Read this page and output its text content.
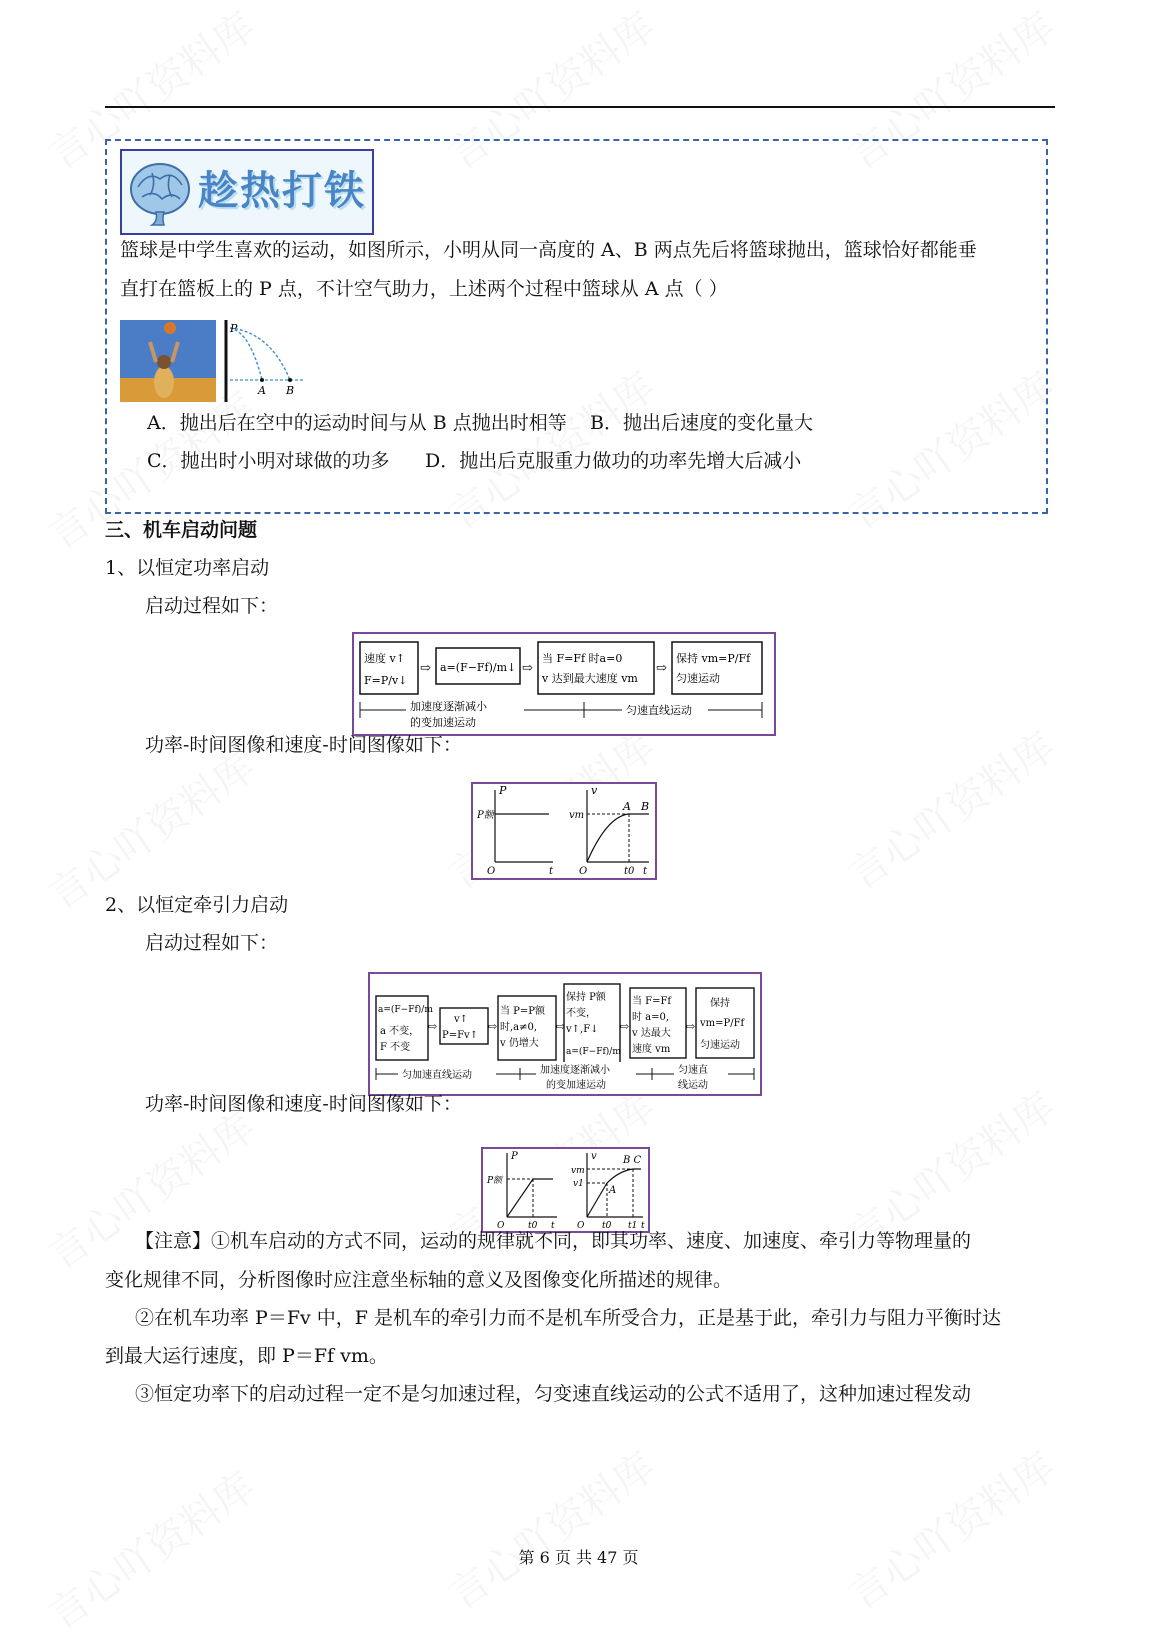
趁热打铁
篮球是中学生喜欢的运动，如图所示，小明从同一高度的 A、B 两点先后将篮球抛出，篮球恰好都能垂
直打在篮板上的 P 点，不计空气助力，上述两个过程中篮球从 A 点（ ）
P
A B
A．抛出后在空中的运动时间与从 B 点抛出时相等 B．抛出后速度的变化量大
C．抛出时小明对球做的功多 D．抛出后克服重力做功的功率先增大后减小
三、机车启动问题
1、以恒定功率启动
启动过程如下：
速度 v↑
F=P/v↓
⇨ a=(F−Ff)/m↓ ⇨
当 F=Ff 时a=0
v 达到最大速度 vm
⇨
保持 vm=P/Ff
匀速运动
加速度逐渐减小
的变加速运动
匀速直线运动
功率-时间图像和速度-时间图像如下：
P
P额
O	t
v
vm
A B
O	t0 t
2、以恒定牵引力启动
启动过程如下：
a=(F−Ff)/m
a 不变，
F 不变
⇨
v↑
P=Fv↑
⇨
当 P=P额
时,a≠0,
v 仍增大
⇨
保持 P额
不变，
v↑,F↓
a=(F−Ff)/m
⇨
当 F=Ff
时 a=0,
v 达最大
速度 vm
⇨
保持
vm=P/Ff
匀速运动
匀加速直线运动	加速度逐渐减小
的变加速运动
匀速直
线运动
功率-时间图像和速度-时间图像如下：
P
P额
O	t0 t
v
vm
v1
A
B C
O t0 t1 t
【注意】①机车启动的方式不同，运动的规律就不同，即其功率、速度、加速度、牵引力等物理量的
变化规律不同，分析图像时应注意坐标轴的意义及图像变化所描述的规律。
②在机车功率 P＝Fv 中，F 是机车的牵引力而不是机车所受合力，正是基于此，牵引力与阻力平衡时达
到最大运行速度，即 P＝Ff vm。
③恒定功率下的启动过程一定不是匀加速过程，匀变速直线运动的公式不适用了，这种加速过程发动
第 6 页 共 47 页
